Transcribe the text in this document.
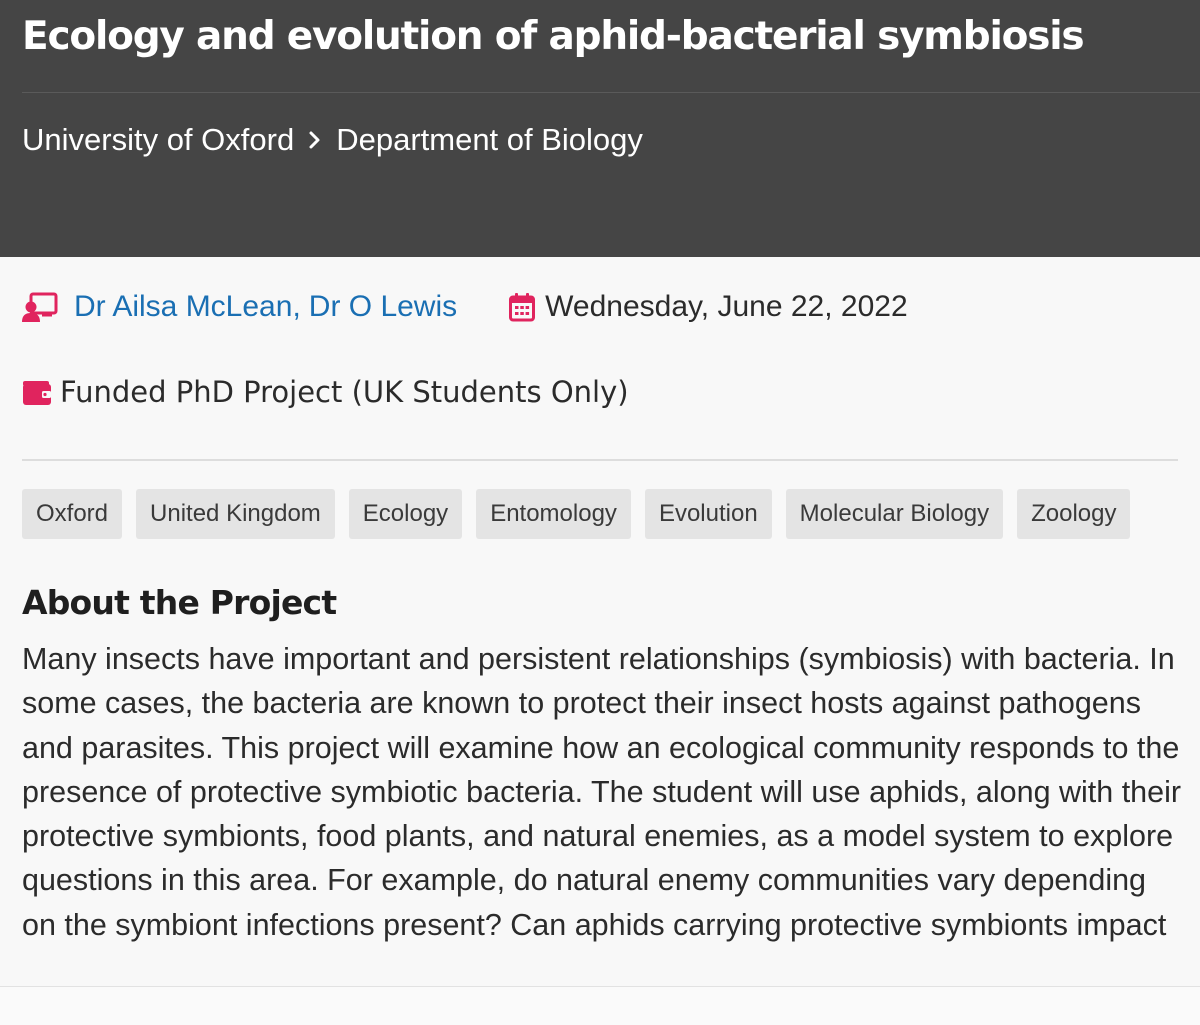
Ecology and evolution of aphid-bacterial symbiosis
University of Oxford Department of Biology
Dr Ailsa McLean , Dr O Lewis	Wednesday, June 22, 2022
Funded PhD Project (UK Students Only)
Oxford	United Kingdom	Ecology	Entomology	Evolution	Molecular Biology	Zoology
About the Project

Many insects have important and persistent relationships (symbiosis) with bacteria. In some cases, the bacteria are known to protect their insect hosts against pathogens and parasites. This project will examine how an ecological community responds to the presence of protective symbiotic bacteria. The student will use aphids, along with their protective symbionts, food plants, and natural enemies, as a model system to explore questions in this area. For example, do natural enemy communities vary depending on the symbiont infections present? Can aphids carrying protective symbionts impact
